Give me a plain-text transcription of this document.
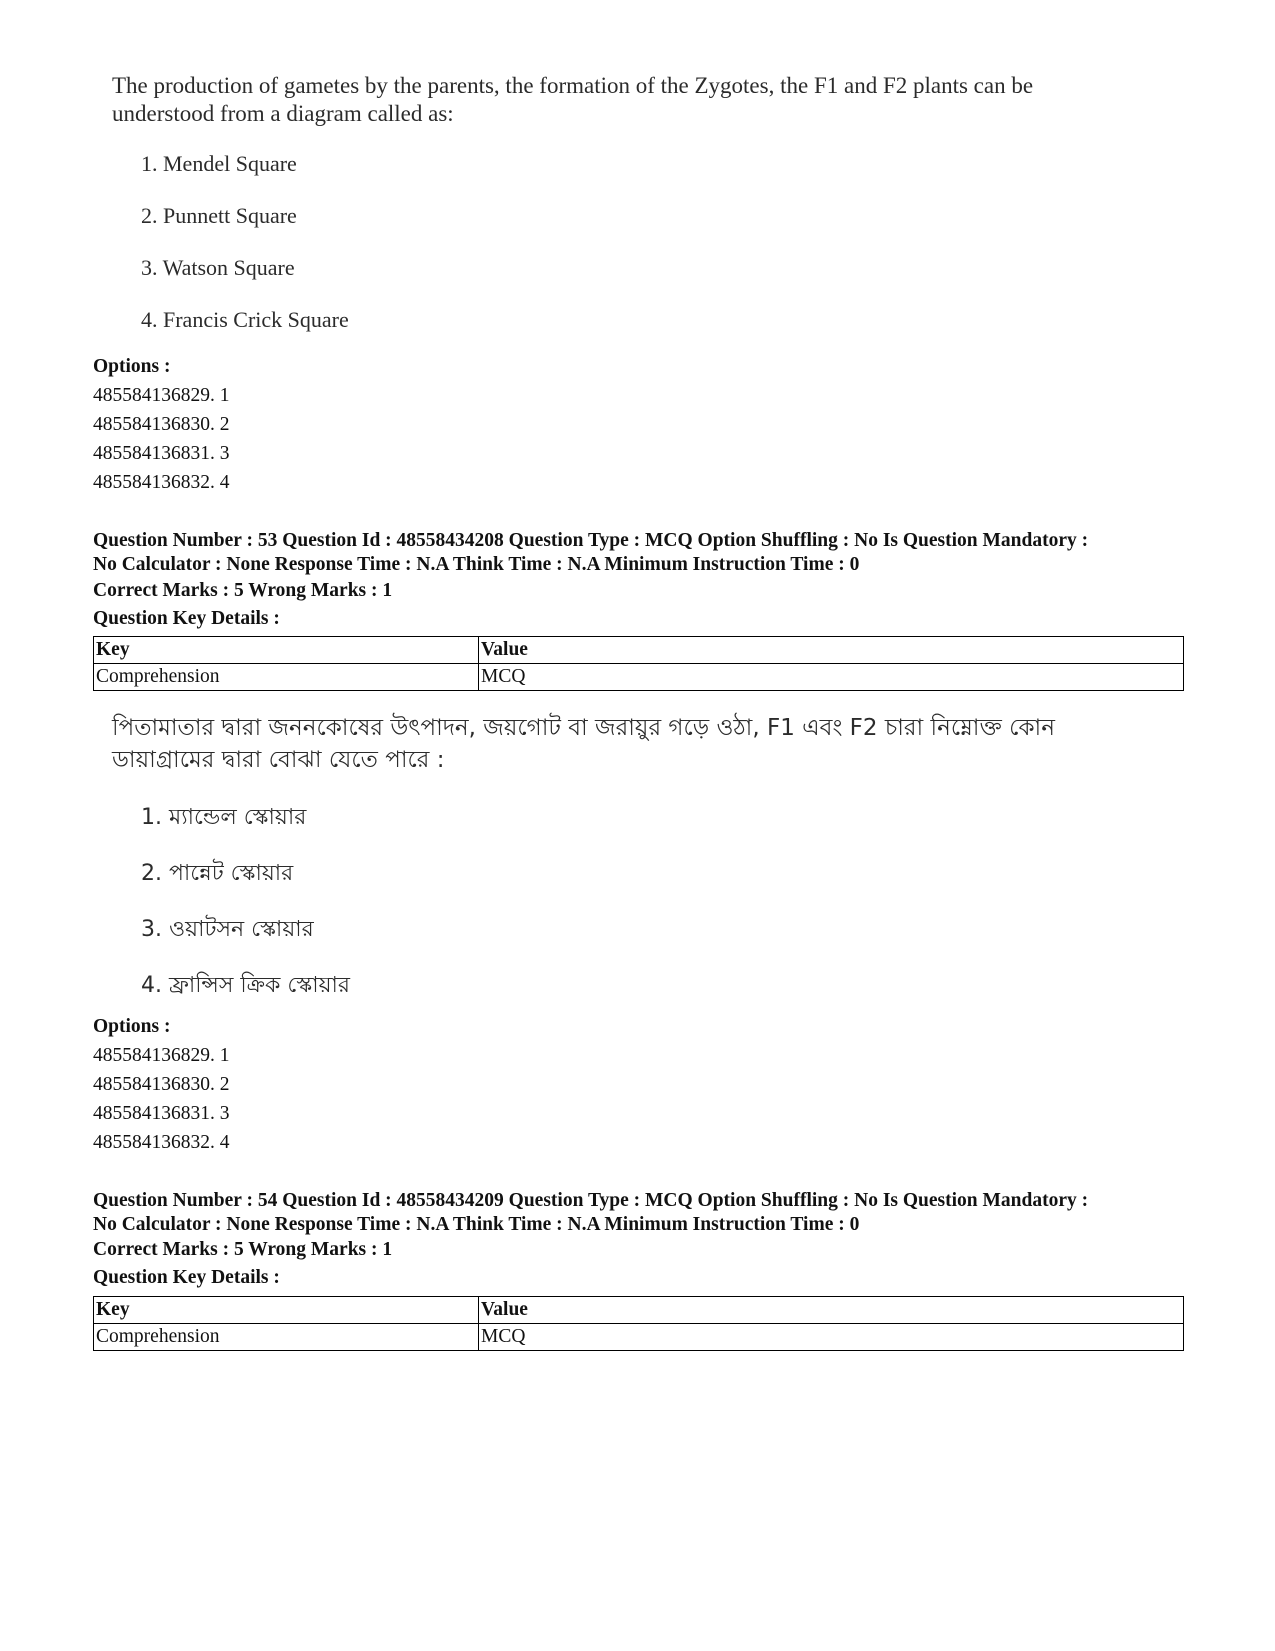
The production of gametes by the parents, the formation of the Zygotes, the F1 and F2 plants can be understood from a diagram called as:

1. Mendel Square
2. Punnett Square
3. Watson Square
4. Francis Crick Square
Options :
485584136829. 1
485584136830. 2
485584136831. 3
485584136832. 4
Question Number : 53 Question Id : 48558434208 Question Type : MCQ Option Shuffling : No Is Question Mandatory :
No Calculator : None Response Time : N.A Think Time : N.A Minimum Instruction Time : 0
Correct Marks : 5 Wrong Marks : 1
Question Key Details :
Key	Value
Comprehension	MCQ

পিতামাতার দ্বারা জননকোষের উৎপাদন, জয়গোট বা জরায়ুর গড়ে ওঠা, F1 এবং F2 চারা নিম্নোক্ত কোন ডায়াগ্রামের দ্বারা বোঝা যেতে পারে :

1. ম্যান্ডেল স্কোয়ার
2. পান্নেট স্কোয়ার
3. ওয়াটসন স্কোয়ার
4. ফ্রান্সিস ক্রিক স্কোয়ার
Options :
485584136829. 1
485584136830. 2
485584136831. 3
485584136832. 4
Question Number : 54 Question Id : 48558434209 Question Type : MCQ Option Shuffling : No Is Question Mandatory :
No Calculator : None Response Time : N.A Think Time : N.A Minimum Instruction Time : 0
Correct Marks : 5 Wrong Marks : 1
Question Key Details :
Key	Value
Comprehension	MCQ
